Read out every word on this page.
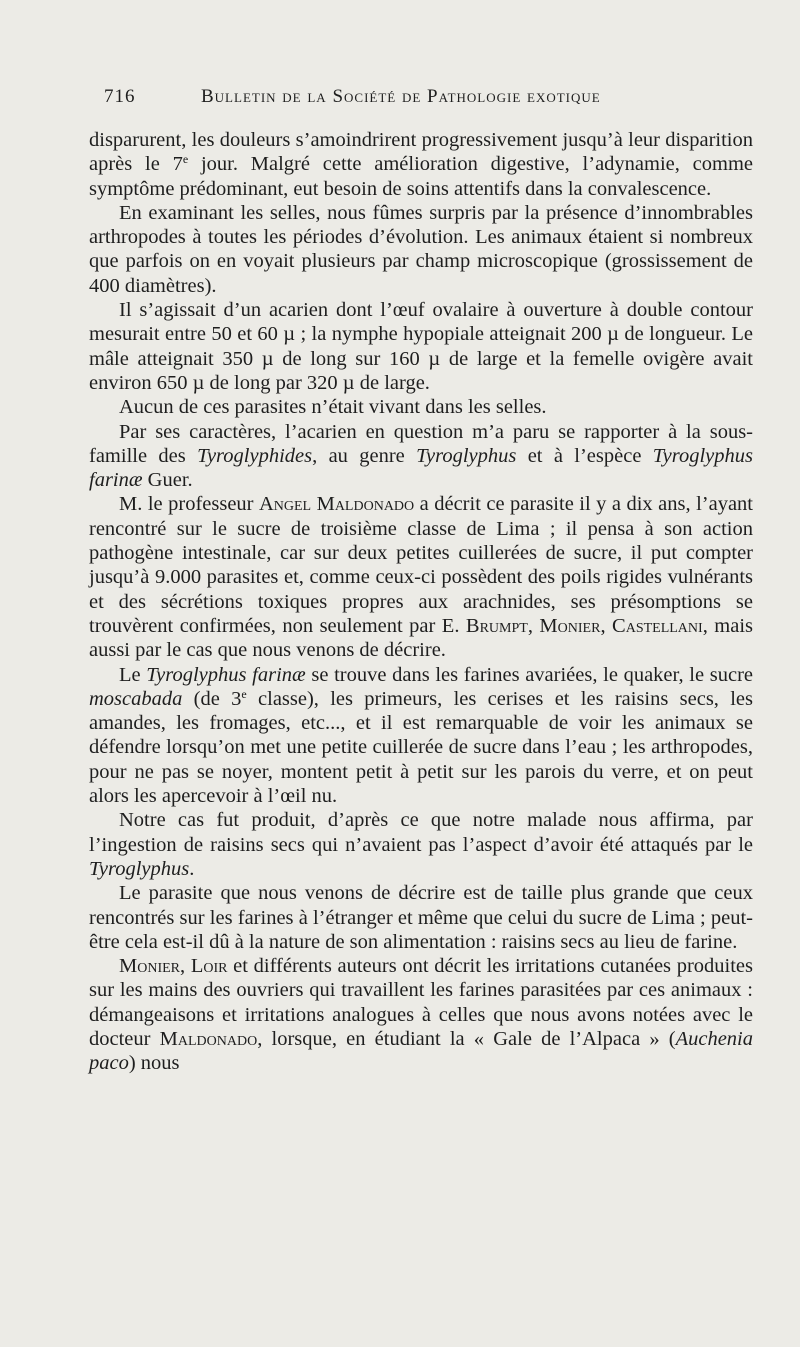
716	Bulletin de la Société de Pathologie exotique

disparurent, les douleurs s’amoindrirent progressivement jusqu’à leur disparition après le 7e jour. Malgré cette amélioration digestive, l’adynamie, comme symptôme prédominant, eut besoin de soins attentifs dans la convalescence.

En examinant les selles, nous fûmes surpris par la présence d’innombrables arthropodes à toutes les périodes d’évolution. Les animaux étaient si nombreux que parfois on en voyait plusieurs par champ microscopique (grossissement de 400 diamètres).

Il s’agissait d’un acarien dont l’œuf ovalaire à ouverture à double contour mesurait entre 50 et 60 µ ; la nymphe hypopiale atteignait 200 µ de longueur. Le mâle atteignait 350 µ de long sur 160 µ de large et la femelle ovigère avait environ 650 µ de long par 320 µ de large.

Aucun de ces parasites n’était vivant dans les selles.

Par ses caractères, l’acarien en question m’a paru se rapporter à la sous-famille des Tyroglyphides, au genre Tyroglyphus et à l’espèce Tyroglyphus farinæ Guer.

M. le professeur Angel Maldonado a décrit ce parasite il y a dix ans, l’ayant rencontré sur le sucre de troisième classe de Lima ; il pensa à son action pathogène intestinale, car sur deux petites cuillerées de sucre, il put compter jusqu’à 9.000 parasites et, comme ceux-ci possèdent des poils rigides vulnérants et des sécrétions toxiques propres aux arachnides, ses présomptions se trouvèrent confirmées, non seulement par E. Brumpt, Monier, Castellani, mais aussi par le cas que nous venons de décrire.

Le Tyroglyphus farinæ se trouve dans les farines avariées, le quaker, le sucre moscabada (de 3e classe), les primeurs, les cerises et les raisins secs, les amandes, les fromages, etc..., et il est remarquable de voir les animaux se défendre lorsqu’on met une petite cuillerée de sucre dans l’eau ; les arthropodes, pour ne pas se noyer, montent petit à petit sur les parois du verre, et on peut alors les apercevoir à l’œil nu.

Notre cas fut produit, d’après ce que notre malade nous affirma, par l’ingestion de raisins secs qui n’avaient pas l’aspect d’avoir été attaqués par le Tyroglyphus.

Le parasite que nous venons de décrire est de taille plus grande que ceux rencontrés sur les farines à l’étranger et même que celui du sucre de Lima ; peut-être cela est-il dû à la nature de son alimentation : raisins secs au lieu de farine.

Monier, Loir et différents auteurs ont décrit les irritations cutanées produites sur les mains des ouvriers qui travaillent les farines parasitées par ces animaux : démangeaisons et irritations analogues à celles que nous avons notées avec le docteur Maldonado, lorsque, en étudiant la « Gale de l’Alpaca » (Auchenia paco) nous
